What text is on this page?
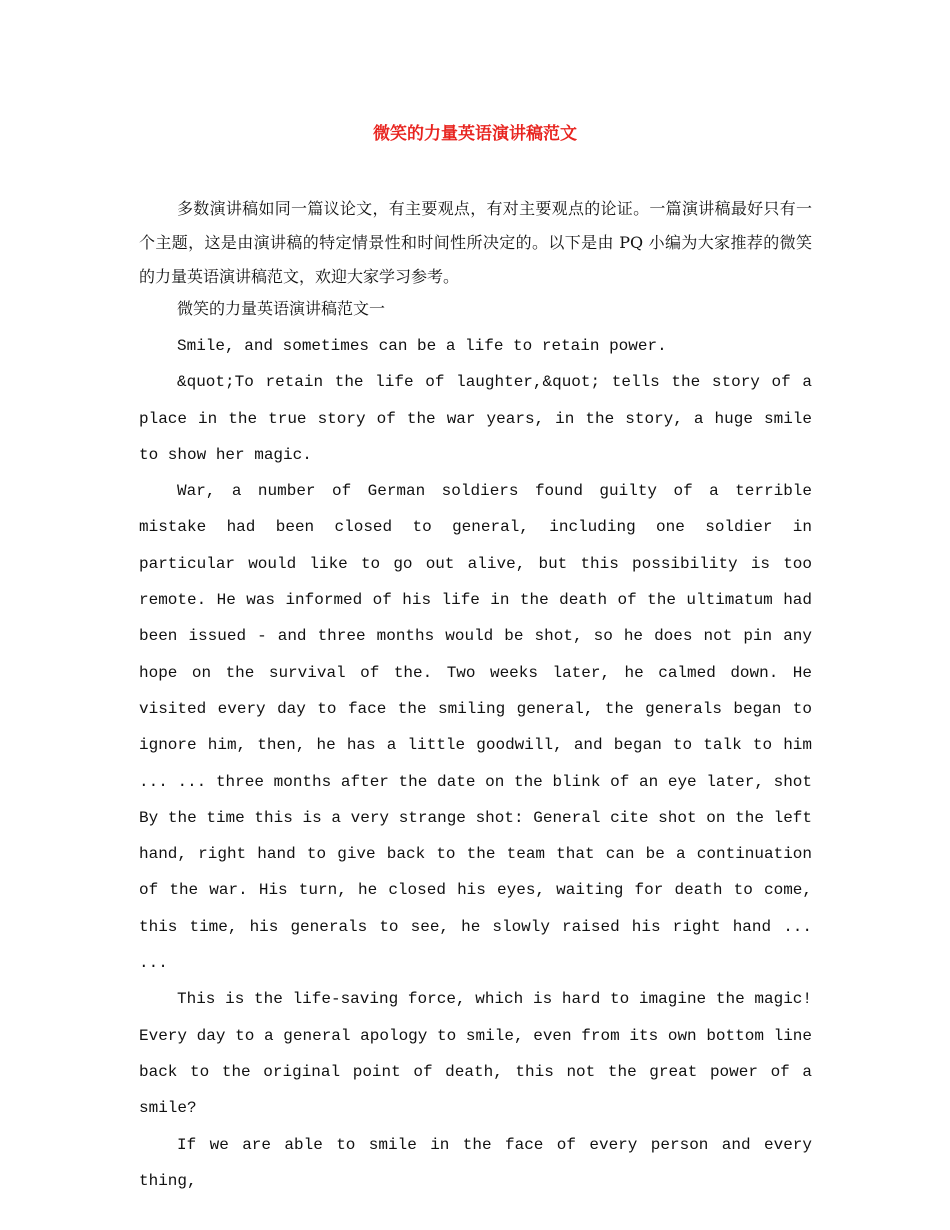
微笑的力量英语演讲稿范文

多数演讲稿如同一篇议论文，有主要观点，有对主要观点的论证。一篇演讲稿最好只有一个主题，这是由演讲稿的特定情景性和时间性所决定的。以下是由 PQ 小编为大家推荐的微笑的力量英语演讲稿范文，欢迎大家学习参考。

微笑的力量英语演讲稿范文一

Smile, and sometimes can be a life to retain power.

&quot;To retain the life of laughter,&quot; tells the story of a place in the true story of the war years, in the story, a huge smile to show her magic.

War, a number of German soldiers found guilty of a terrible mistake had been closed to general, including one soldier in particular would like to go out alive, but this possibility is too remote. He was informed of his life in the death of the ultimatum had been issued - and three months would be shot, so he does not pin any hope on the survival of the. Two weeks later, he calmed down. He visited every day to face the smiling general, the generals began to ignore him, then, he has a little goodwill, and began to talk to him ... ... three months after the date on the blink of an eye later, shot By the time this is a very strange shot: General cite shot on the left hand, right hand to give back to the team that can be a continuation of the war. His turn, he closed his eyes, waiting for death to come, this time, his generals to see, he slowly raised his right hand ... ...

This is the life-saving force, which is hard to imagine the magic! Every day to a general apology to smile, even from its own bottom line back to the original point of death, this not the great power of a smile?

If we are able to smile in the face of every person and every thing,
